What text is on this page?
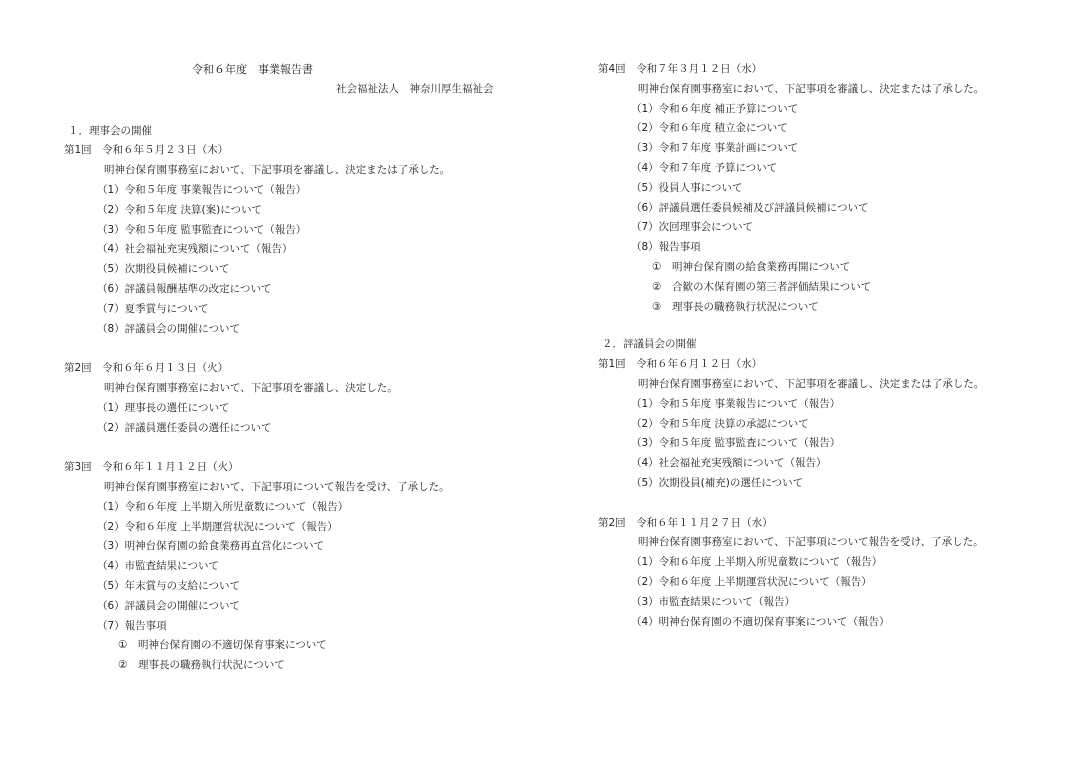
令和６年度　事業報告書
社会福祉法人　神奈川厚生福祉会
１．理事会の開催
第1回　令和６年５月２３日（木）
明神台保育園事務室において、下記事項を審議し、決定または了承した。
（1）令和５年度 事業報告について（報告）
（2）令和５年度 決算(案)について
（3）令和５年度 監事監査について（報告）
（4）社会福祉充実残額について（報告）
（5）次期役員候補について
（6）評議員報酬基準の改定について
（7）夏季賞与について
（8）評議員会の開催について
第2回　令和６年６月１３日（火）
明神台保育園事務室において、下記事項を審議し、決定した。
（1）理事長の選任について
（2）評議員選任委員の選任について
第3回　令和６年１１月１２日（火）
明神台保育園事務室において、下記事項について報告を受け、了承した。
（1）令和６年度 上半期入所児童数について（報告）
（2）令和６年度 上半期運営状況について（報告）
（3）明神台保育園の給食業務再直営化について
（4）市監査結果について
（5）年末賞与の支給について
（6）評議員会の開催について
（7）報告事項
① 明神台保育園の不適切保育事案について
② 理事長の職務執行状況について
第4回　令和７年３月１２日（水）
明神台保育園事務室において、下記事項を審議し、決定または了承した。
（1）令和６年度 補正予算について
（2）令和６年度 積立金について
（3）令和７年度 事業計画について
（4）令和７年度 予算について
（5）役員人事について
（6）評議員選任委員候補及び評議員候補について
（7）次回理事会について
（8）報告事項
① 明神台保育園の給食業務再開について
② 合歓の木保育園の第三者評価結果について
③ 理事長の職務執行状況について
２．評議員会の開催
第1回　令和６年６月１２日（水）
明神台保育園事務室において、下記事項を審議し、決定または了承した。
（1）令和５年度 事業報告について（報告）
（2）令和５年度 決算の承認について
（3）令和５年度 監事監査について（報告）
（4）社会福祉充実残額について（報告）
（5）次期役員(補充)の選任について
第2回　令和６年１１月２７日（水）
明神台保育園事務室において、下記事項について報告を受け、了承した。
（1）令和６年度 上半期入所児童数について（報告）
（2）令和６年度 上半期運営状況について（報告）
（3）市監査結果について（報告）
（4）明神台保育園の不適切保育事案について（報告）
